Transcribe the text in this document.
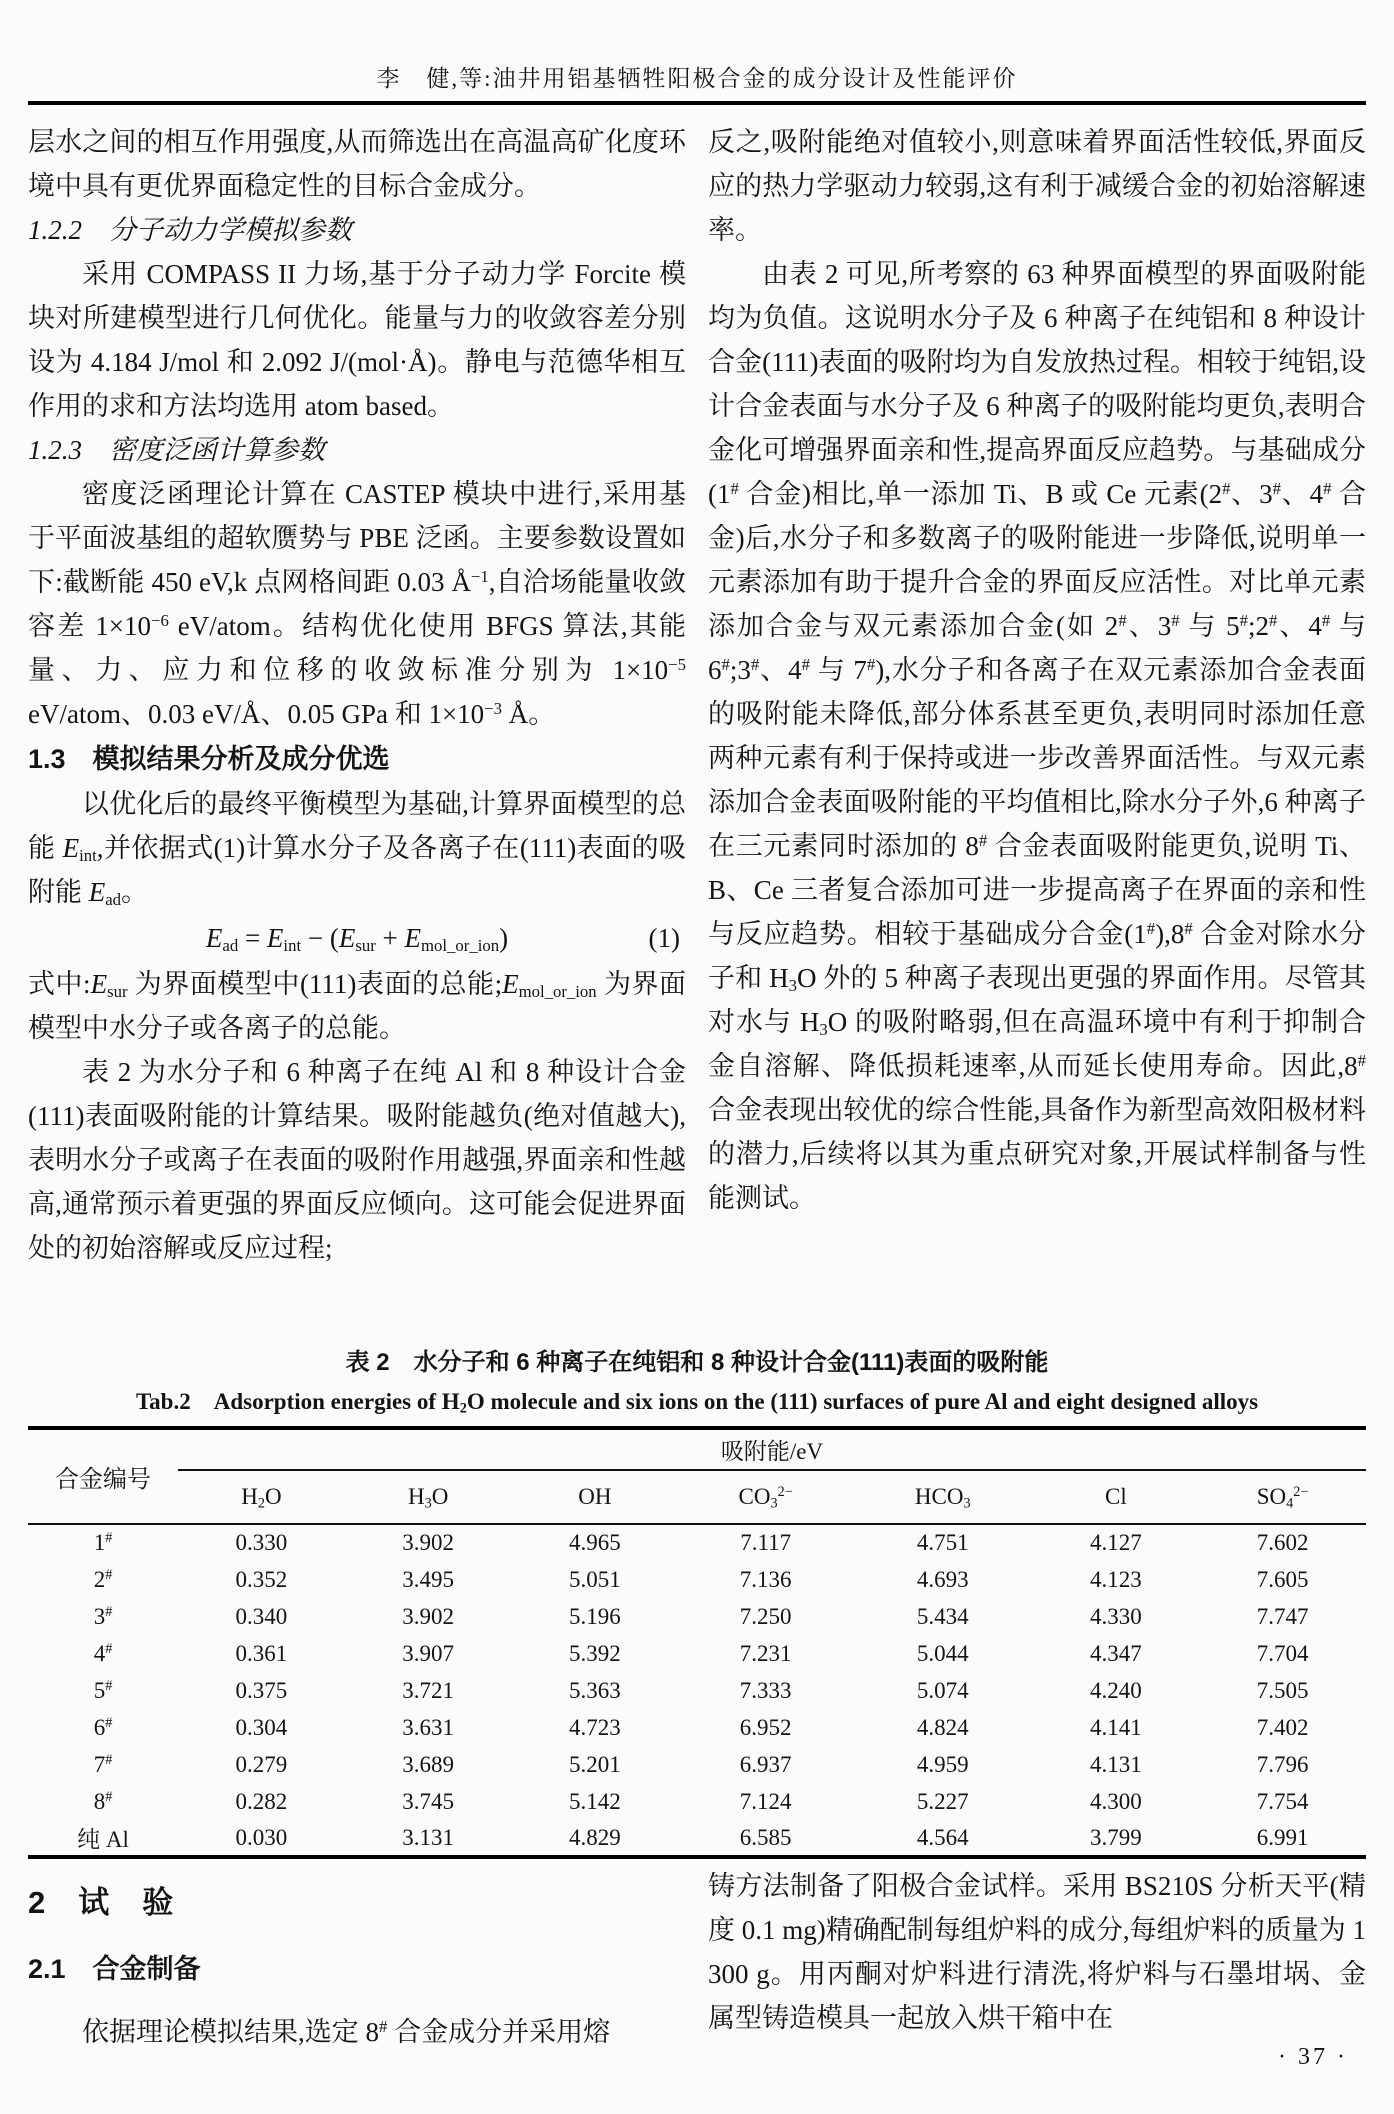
李　健,等:油井用铝基牺牲阳极合金的成分设计及性能评价

层水之间的相互作用强度,从而筛选出在高温高矿化度环境中具有更优界面稳定性的目标合金成分。

1.2.2　分子动力学模拟参数

采用 COMPASS II 力场,基于分子动力学 Forcite 模块对所建模型进行几何优化。能量与力的收敛容差分别设为 4.184 J/mol 和 2.092 J/(mol·Å)。静电与范德华相互作用的求和方法均选用 atom based。

1.2.3　密度泛函计算参数

密度泛函理论计算在 CASTEP 模块中进行,采用基于平面波基组的超软赝势与 PBE 泛函。主要参数设置如下:截断能 450 eV,k 点网格间距 0.03 $Å^{-1}$,自洽场能量收敛容差 $1\times 10^{-6}$ eV/atom。结构优化使用 BFGS 算法,其能量、力、应力和位移的收敛标准分别为 $1\times 10^{-5}$ eV/atom、0.03 eV/Å、0.05 GPa 和 $1\times 10^{-3}$ Å。

1.3　模拟结果分析及成分优选

以优化后的最终平衡模型为基础,计算界面模型的总能 $E_{int}$,并依据式(1)计算水分子及各离子在(111)表面的吸附能 $E_{ad}$。

$E_{ad} = E_{int} - (E_{sur} + E_{mol\_or\_ion})$	(1)

式中$:E_{sur}$ 为界面模型中(111)表面的总能$;E_{mol\_or\_ion}$ 为界面模型中水分子或各离子的总能。

表 2 为水分子和 6 种离子在纯 Al 和 8 种设计合金(111)表面吸附能的计算结果。吸附能越负(绝对值越大),表明水分子或离子在表面的吸附作用越强,界面亲和性越高,通常预示着更强的界面反应倾向。这可能会促进界面处的初始溶解或反应过程;

反之,吸附能绝对值较小,则意味着界面活性较低,界面反应的热力学驱动力较弱,这有利于减缓合金的初始溶解速率。

由表 2 可见,所考察的 63 种界面模型的界面吸附能均为负值。这说明水分子及 6 种离子在纯铝和 8 种设计合金(111)表面的吸附均为自发放热过程。相较于纯铝,设计合金表面与水分子及 6 种离子的吸附能均更负,表明合金化可增强界面亲和性,提高界面反应趋势。与基础成分(1# 合金)相比,单一添加 Ti、B 或 Ce 元素(2#、3#、4# 合金)后,水分子和多数离子的吸附能进一步降低,说明单一元素添加有助于提升合金的界面反应活性。对比单元素添加合金与双元素添加合金(如 2#、3# 与 5#;2#、4# 与 6#;3#、4# 与 7#),水分子和各离子在双元素添加合金表面的吸附能未降低,部分体系甚至更负,表明同时添加任意两种元素有利于保持或进一步改善界面活性。与双元素添加合金表面吸附能的平均值相比,除水分子外,6 种离子在三元素同时添加的 8# 合金表面吸附能更负,说明 Ti、B、Ce 三者复合添加可进一步提高离子在界面的亲和性与反应趋势。相较于基础成分合金(1#),8# 合金对除水分子和 $H_3O$ 外的 5 种离子表现出更强的界面作用。尽管其对水与 $H_3O$ 的吸附略弱,但在高温环境中有利于抑制合金自溶解、降低损耗速率,从而延长使用寿命。因此,8# 合金表现出较优的综合性能,具备作为新型高效阳极材料的潜力,后续将以其为重点研究对象,开展试样制备与性能测试。

表 2　水分子和 6 种离子在纯铝和 8 种设计合金(111)表面的吸附能
Tab.2　Adsorption energies of $H_2O$ molecule and six ions on the (111) surfaces of pure Al and eight designed alloys
合金编号	吸附能/eV						
	$H_2O$	$H_3O$	OH	$CO_3^{2-}$	$HCO_3$	Cl	$SO_4^{2-}$
1#	0.330	3.902	4.965	7.117	4.751	4.127	7.602
2#	0.352	3.495	5.051	7.136	4.693	4.123	7.605
3#	0.340	3.902	5.196	7.250	5.434	4.330	7.747
4#	0.361	3.907	5.392	7.231	5.044	4.347	7.704
5#	0.375	3.721	5.363	7.333	5.074	4.240	7.505
6#	0.304	3.631	4.723	6.952	4.824	4.141	7.402
7#	0.279	3.689	5.201	6.937	4.959	4.131	7.796
8#	0.282	3.745	5.142	7.124	5.227	4.300	7.754
纯 Al	0.030	3.131	4.829	6.585	4.564	3.799	6.991
2　试　验
2.1　合金制备

依据理论模拟结果,选定 8# 合金成分并采用熔

铸方法制备了阳极合金试样。采用 BS210S 分析天平(精度 0.1 mg)精确配制每组炉料的成分,每组炉料的质量为 1 300 g。用丙酮对炉料进行清洗,将炉料与石墨坩埚、金属型铸造模具一起放入烘干箱中在

· 37 ·
